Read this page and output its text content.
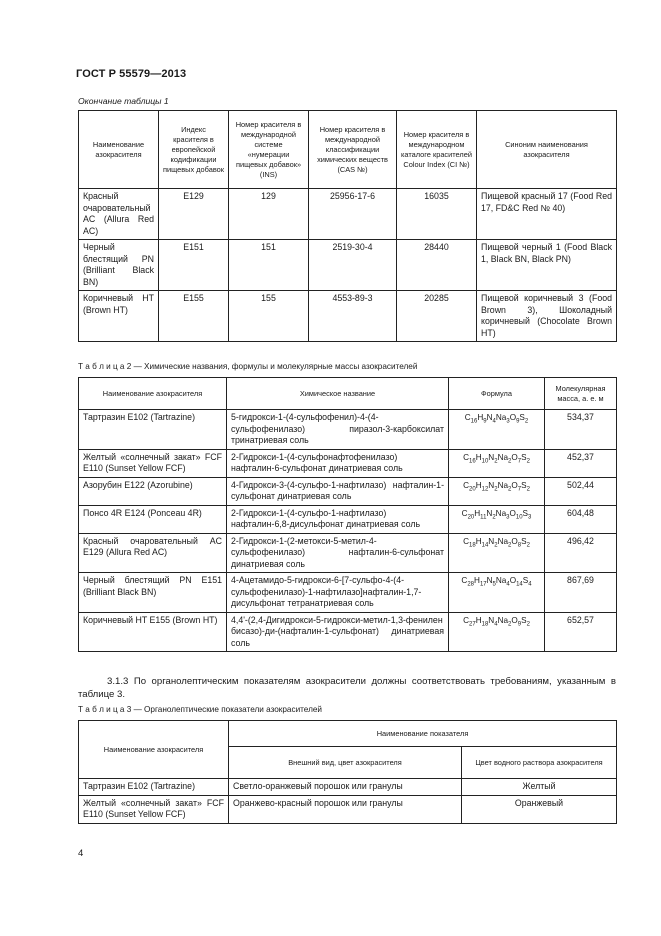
ГОСТ Р 55579—2013
Окончание таблицы 1
Наименование азокрасителя	Индекс красителя в европейской кодификации пищевых добавок	Номер красителя в международной системе «нумерации пищевых добавок» (INS)	Номер красителя в международной классификации химических веществ (CAS №)	Номер красителя в международном каталоге красителей Colour Index (CI №)	Синоним наименования азокрасителя
Красный очаровательный AC (Allura Red AC)	E129	129	25956-17-6	16035	Пищевой красный 17 (Food Red 17, FD&C Red № 40)
Черный блестящий PN (Brilliant Black BN)	E151	151	2519-30-4	28440	Пищевой черный 1 (Food Black 1, Black BN, Black PN)
Коричневый HT (Brown HT)	E155	155	4553-89-3	20285	Пищевой коричневый 3 (Food Brown 3), Шоколадный коричневый (Chocolate Brown HT)
Т а б л и ц а 2 — Химические названия, формулы и молекулярные массы азокрасителей
Наименование азокрасителя	Химическое название	Формула	Молекулярная масса, а. е. м
Тартразин E102 (Tartrazine)	5-гидрокси-1-(4-сульфофенил)-4-(4-сульфофенилазо) пиразол-3-карбоксилат тринатриевая соль	$C_{16}H_9N_4Na_3O_9S_2$	534,37
Желтый «солнечный закат» FCF E110 (Sunset Yellow FCF)	2-Гидрокси-1-(4-сульфонафтофенилазо) нафталин-6-сульфонат динатриевая соль	$C_{16}H_{10}N_2Na_2O_7S_2$	452,37
Азорубин E122 (Azorubine)	4-Гидрокси-3-(4-сульфо-1-нафтилазо) нафталин-1-сульфонат динатриевая соль	$C_{20}H_{12}N_2Na_2O_7S_2$	502,44
Понсо 4R E124 (Ponceau 4R)	2-Гидрокси-1-(4-сульфо-1-нафтилазо) нафталин-6,8-дисульфонат динатриевая соль	$C_{20}H_{11}N_2Na_3O_{10}S_3$	604,48
Красный очаровательный AC E129 (Allura Red AC)	2-Гидрокси-1-(2-метокси-5-метил-4-сульфофенилазо) нафталин-6-сульфонат динатриевая соль	$C_{18}H_{14}N_2Na_2O_8S_2$	496,42
Черный блестящий PN E151 (Brilliant Black BN)	4-Ацетамидо-5-гидрокси-6-[7-сульфо-4-(4-сульфофенилазо)-1-нафтилазо]нафталин-1,7-дисульфонат тетранатриевая соль	$C_{28}H_{17}N_5Na_4O_{14}S_4$	867,69
Коричневый HT E155 (Brown HT)	4,4'-(2,4-Дигидрокси-5-гидрокси-метил-1,3-фенилен бисазо)-ди-(нафталин-1-сульфонат) динатриевая соль	$C_{27}H_{18}N_4Na_2O_9S_2$	652,57
3.1.3 По органолептическим показателям азокрасители должны соответствовать требованиям, указанным в таблице 3.
Т а б л и ц а 3 — Органолептические показатели азокрасителей
Наименование азокрасителя	Наименование показателя	
	Внешний вид, цвет азокрасителя	Цвет водного раствора азокрасителя
Тартразин E102 (Tartrazine)	Светло-оранжевый порошок или гранулы	Желтый
Желтый «солнечный закат» FCF E110 (Sunset Yellow FCF)	Оранжево-красный порошок или гранулы	Оранжевый
4
